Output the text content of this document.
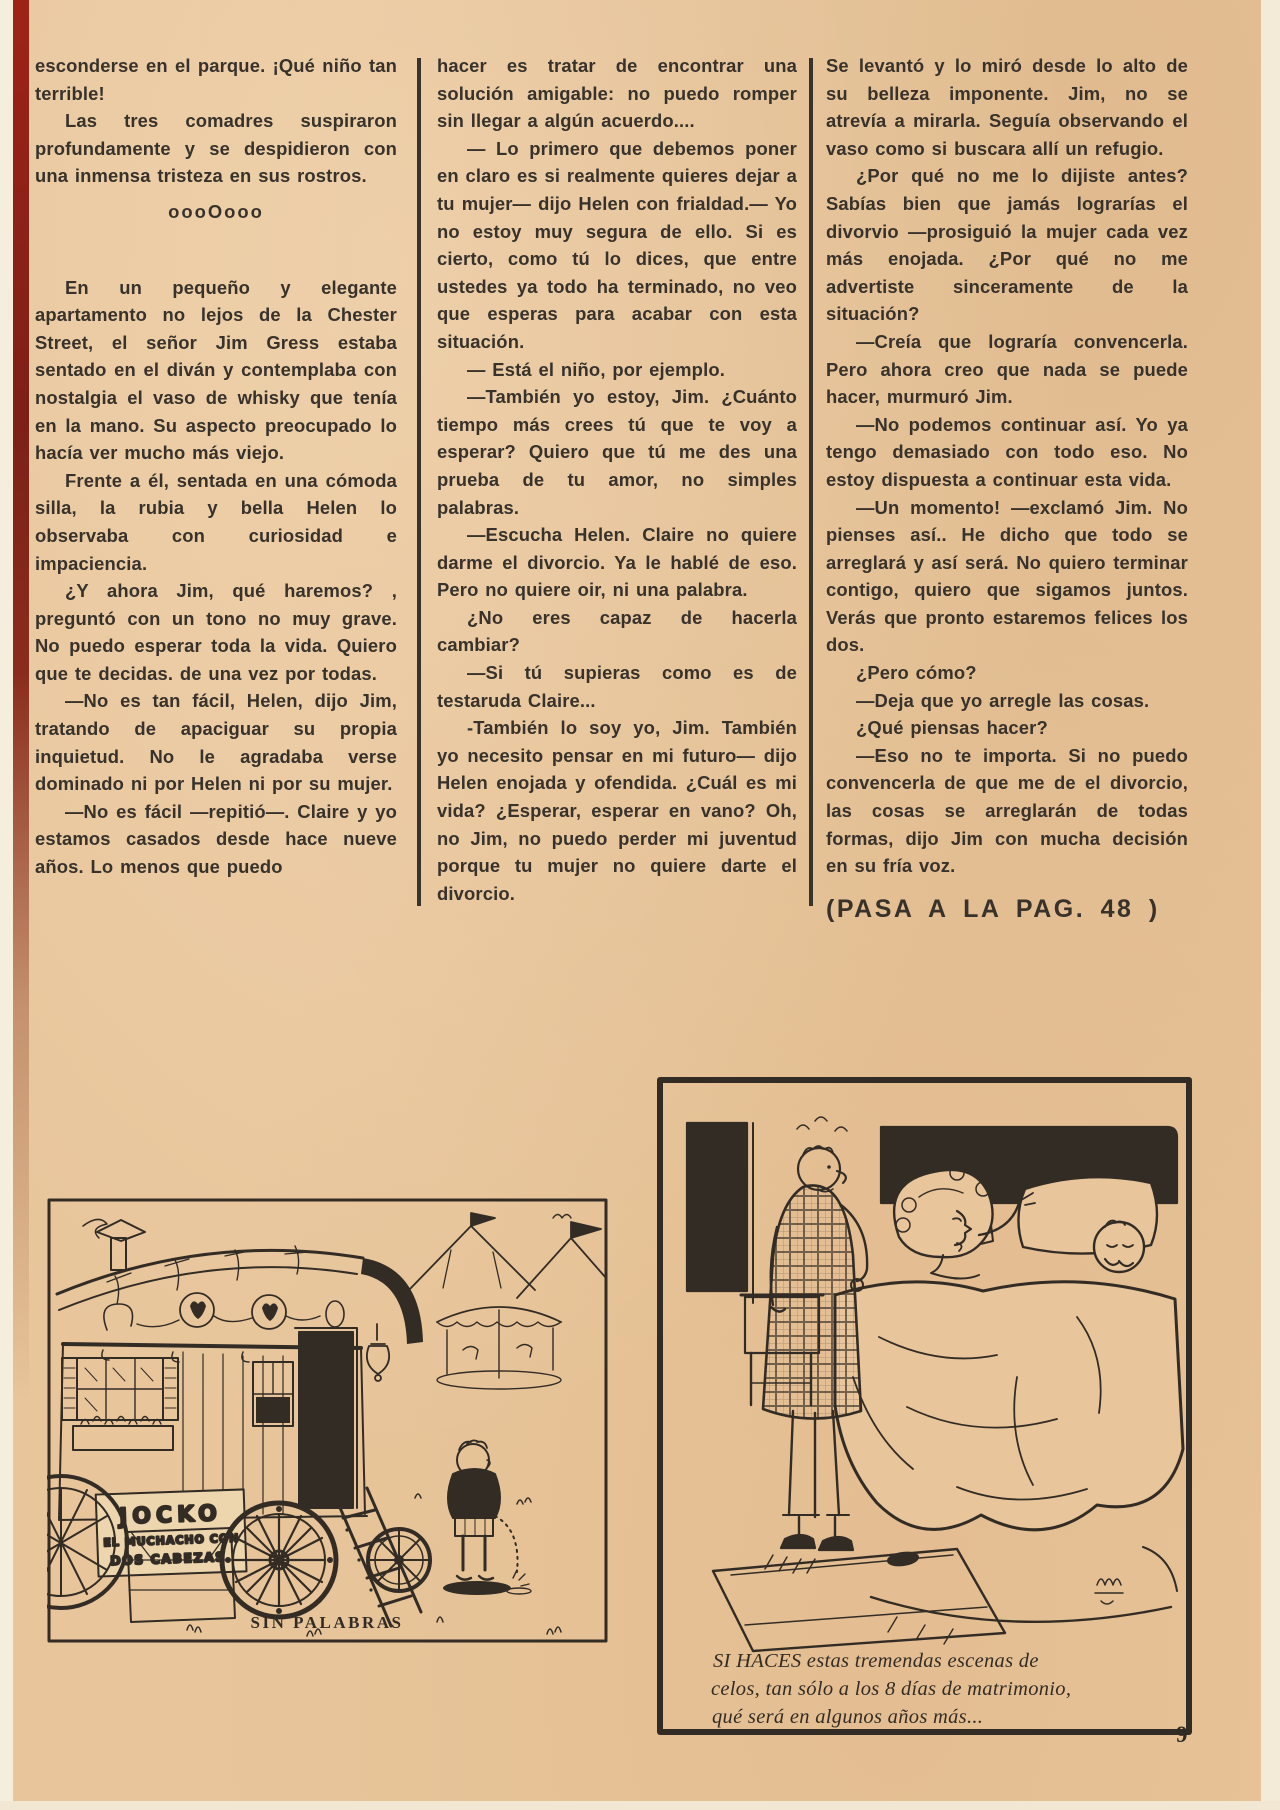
esconderse en el parque. ¡Qué niño tan terrible!
Las tres comadres suspiraron profundamente y se despidieron con una inmensa tristeza en sus rostros.
oooOooo
En un pequeño y elegante apartamento no lejos de la Chester Street, el señor Jim Gress estaba sentado en el diván y contemplaba con nostalgia el vaso de whisky que tenía en la mano. Su aspecto preocupado lo hacía ver mucho más viejo.
Frente a él, sentada en una cómoda silla, la rubia y bella Helen lo observaba con curiosidad e impaciencia.
¿Y ahora Jim, qué haremos? , preguntó con un tono no muy grave. No puedo esperar toda la vida. Quiero que te decidas. de una vez por todas.
—No es tan fácil, Helen, dijo Jim, tratando de apaciguar su propia inquietud. No le agradaba verse dominado ni por Helen ni por su mujer.
—No es fácil —repitió—. Claire y yo estamos casados desde hace nueve años. Lo menos que puedo
hacer es tratar de encontrar una solución amigable: no puedo romper sin llegar a algún acuerdo....
— Lo primero que debemos poner en claro es si realmente quieres dejar a tu mujer— dijo Helen con frialdad.— Yo no estoy muy segura de ello. Si es cierto, como tú lo dices, que entre ustedes ya todo ha terminado, no veo que esperas para acabar con esta situación.
— Está el niño, por ejemplo.
—También yo estoy, Jim. ¿Cuánto tiempo más crees tú que te voy a esperar? Quiero que tú me des una prueba de tu amor, no simples palabras.
—Escucha Helen. Claire no quiere darme el divorcio. Ya le hablé de eso. Pero no quiere oir, ni una palabra.
¿No eres capaz de hacerla cambiar?
—Si tú supieras como es de testaruda Claire...
-También lo soy yo, Jim. También yo necesito pensar en mi futuro— dijo Helen enojada y ofendida. ¿Cuál es mi vida? ¿Esperar, esperar en vano? Oh, no Jim, no puedo perder mi juventud porque tu mujer no quiere darte el divorcio.
Se levantó y lo miró desde lo alto de su belleza imponente. Jim, no se atrevía a mirarla. Seguía observando el vaso como si buscara allí un refugio.
¿Por qué no me lo dijiste antes? Sabías bien que jamás lograrías el divorvio —prosiguió la mujer cada vez más enojada. ¿Por qué no me advertiste sinceramente de la situación?
—Creía que lograría convencerla. Pero ahora creo que nada se puede hacer, murmuró Jim.
—No podemos continuar así. Yo ya tengo demasiado con todo eso. No estoy dispuesta a continuar esta vida.
—Un momento! —exclamó Jim. No pienses así.. He dicho que todo se arreglará y así será. No quiero terminar contigo, quiero que sigamos juntos. Verás que pronto estaremos felices los dos.
¿Pero cómo?
—Deja que yo arregle las cosas.
¿Qué piensas hacer?
—Eso no te importa. Si no puedo convencerla de que me de el divorcio, las cosas se arreglarán de todas formas, dijo Jim con mucha decisión en su fría voz.
(PASA A LA PAG. 48 )
JOCKO
EL MUCHACHO CON
DOS CABEZAS
SIN PALABRAS
SI HACES estas tremendas escenas de
celos, tan sólo a los 8 días de matrimonio,
qué será en algunos años más...
9
